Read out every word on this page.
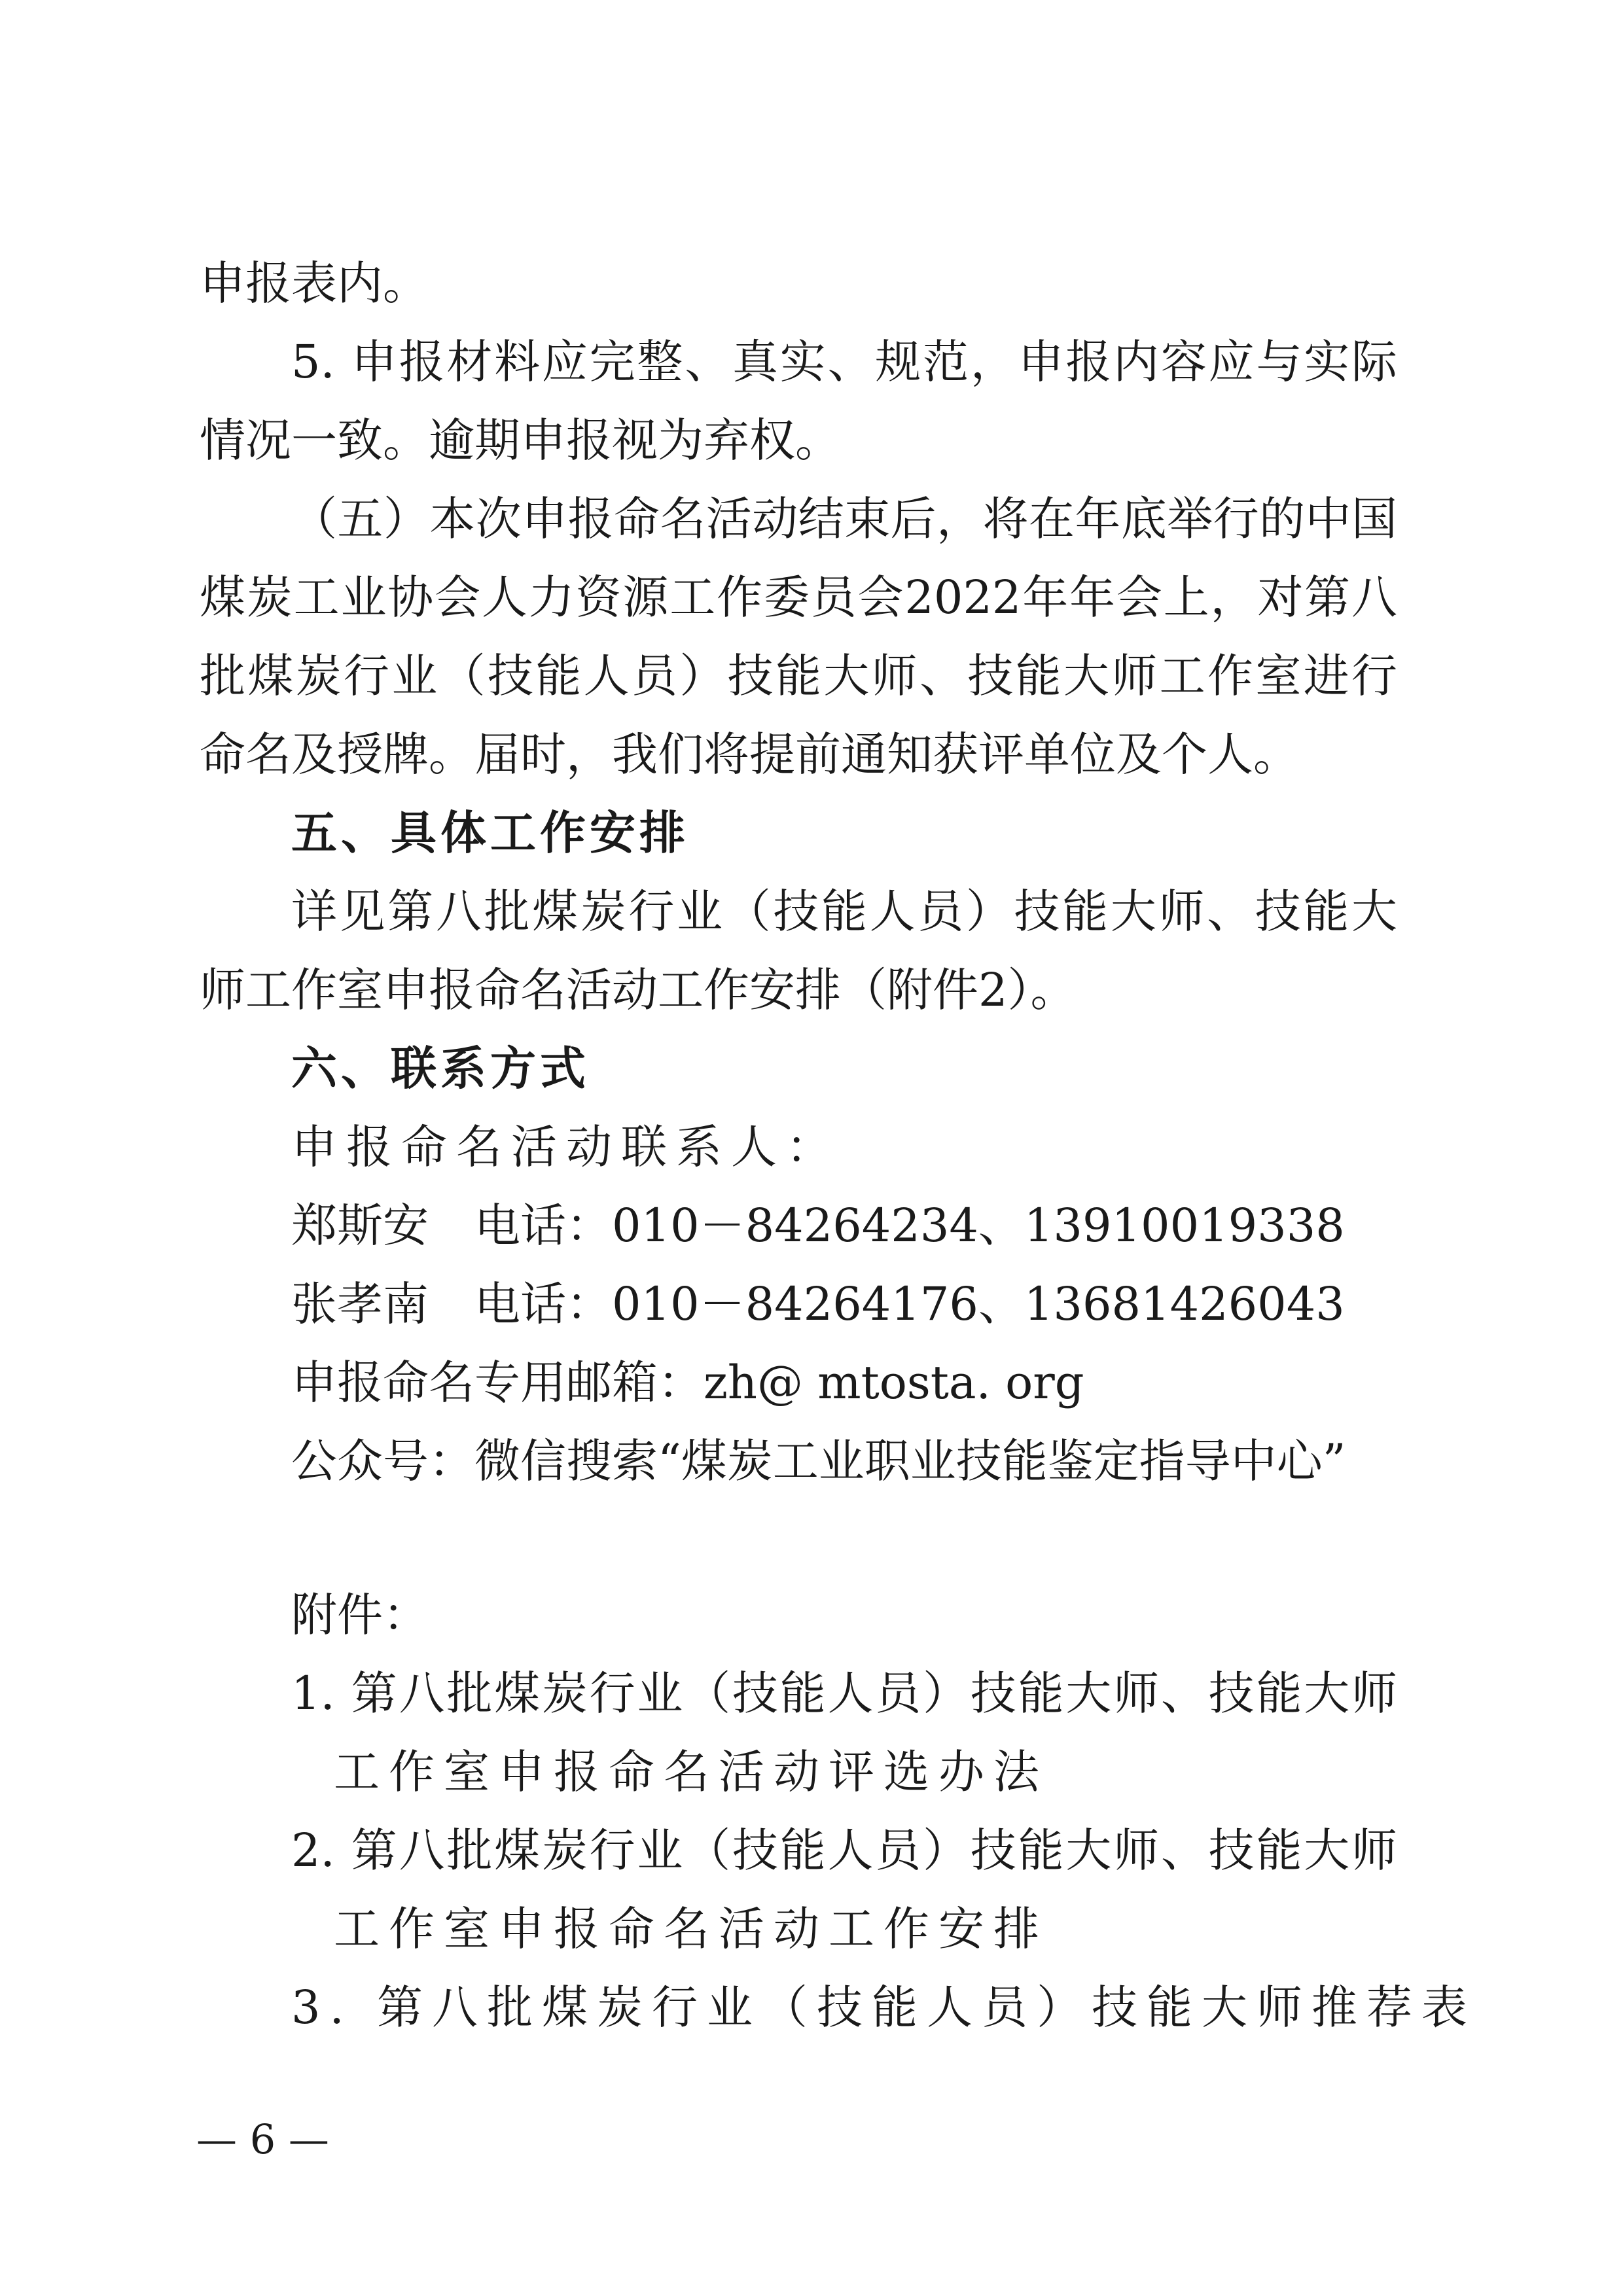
申报表内。
5. 申报材料应完整、真实、规范，申报内容应与实际
情况一致。逾期申报视为弃权。
（五）本次申报命名活动结束后，将在年底举行的中国
煤炭工业协会人力资源工作委员会2022年年会上，对第八
批煤炭行业（技能人员）技能大师、技能大师工作室进行
命名及授牌。届时，我们将提前通知获评单位及个人。
五、具体工作安排
详见第八批煤炭行业（技能人员）技能大师、技能大
师工作室申报命名活动工作安排（附件2）。
六、联系方式
申报命名活动联系人：
郑斯安　电话：010－84264234、13910019338
张孝南　电话：010－84264176、13681426043
申报命名专用邮箱：zh@ mtosta. org
公众号：微信搜索“煤炭工业职业技能鉴定指导中心”
附件：
1. 第八批煤炭行业（技能人员）技能大师、技能大师
工作室申报命名活动评选办法
2. 第八批煤炭行业（技能人员）技能大师、技能大师
工作室申报命名活动工作安排
3. 第八批煤炭行业（技能人员）技能大师推荐表
— 6 —
